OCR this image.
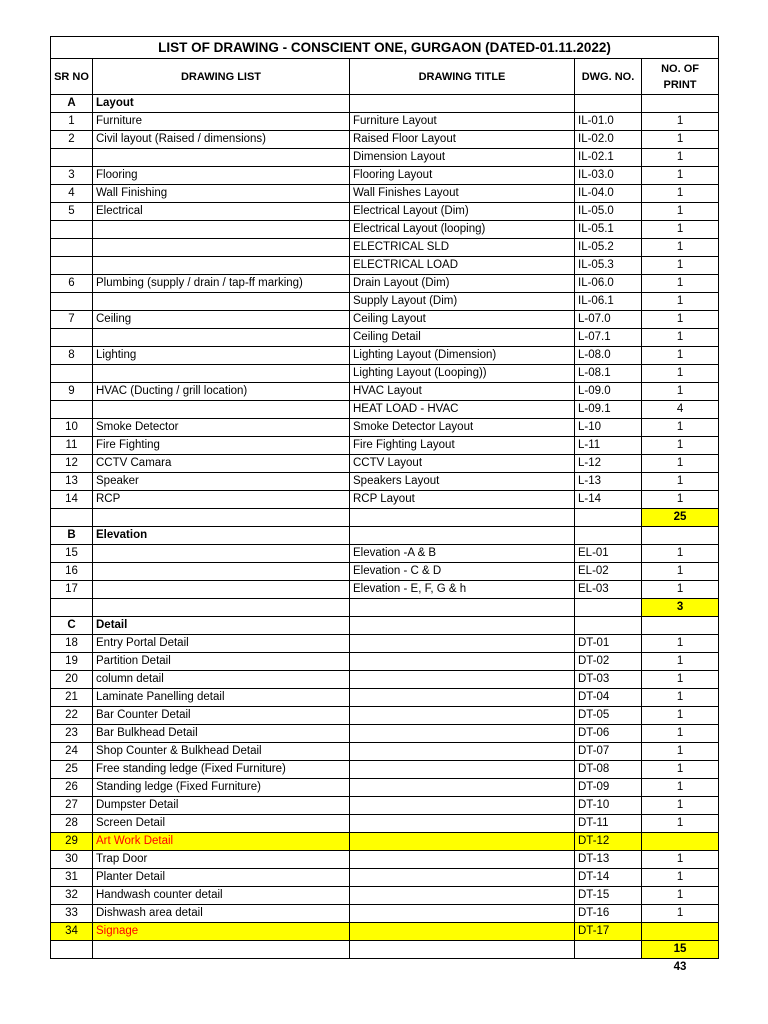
LIST OF DRAWING - CONSCIENT ONE, GURGAON (DATED-01.11.2022)				
SR NO	DRAWING LIST	DRAWING TITLE	DWG. NO.	NO. OF PRINT
A	Layout			
1	Furniture	Furniture Layout	IL-01.0	1
2	Civil layout (Raised / dimensions)	Raised Floor Layout	IL-02.0	1
		Dimension Layout	IL-02.1	1
3	Flooring	Flooring Layout	IL-03.0	1
4	Wall Finishing	Wall Finishes Layout	IL-04.0	1
5	Electrical	Electrical Layout (Dim)	IL-05.0	1
		Electrical Layout (looping)	IL-05.1	1
		ELECTRICAL SLD	IL-05.2	1
		ELECTRICAL LOAD	IL-05.3	1
6	Plumbing (supply / drain / tap-ff marking)	Drain Layout (Dim)	IL-06.0	1
		Supply Layout (Dim)	IL-06.1	1
7	Ceiling	Ceiling Layout	L-07.0	1
		Ceiling Detail	L-07.1	1
8	Lighting	Lighting Layout (Dimension)	L-08.0	1
		Lighting Layout (Looping))	L-08.1	1
9	HVAC (Ducting / grill location)	HVAC Layout	L-09.0	1
		HEAT LOAD - HVAC	L-09.1	4
10	Smoke Detector	Smoke Detector Layout	L-10	1
11	Fire Fighting	Fire Fighting Layout	L-11	1
12	CCTV Camara	CCTV Layout	L-12	1
13	Speaker	Speakers Layout	L-13	1
14	RCP	RCP Layout	L-14	1
				25
B	Elevation			
15		Elevation -A & B	EL-01	1
16		Elevation - C & D	EL-02	1
17		Elevation - E, F, G & h	EL-03	1
				3
C	Detail			
18	Entry Portal Detail		DT-01	1
19	Partition Detail		DT-02	1
20	column detail		DT-03	1
21	Laminate Panelling detail		DT-04	1
22	Bar Counter Detail		DT-05	1
23	Bar Bulkhead Detail		DT-06	1
24	Shop Counter & Bulkhead Detail		DT-07	1
25	Free standing ledge (Fixed Furniture)		DT-08	1
26	Standing ledge (Fixed Furniture)		DT-09	1
27	Dumpster Detail		DT-10	1
28	Screen Detail		DT-11	1
29	Art Work Detail		DT-12	
30	Trap Door		DT-13	1
31	Planter Detail		DT-14	1
32	Handwash counter detail		DT-15	1
33	Dishwash area detail		DT-16	1
34	Signage		DT-17	
				15
				43
